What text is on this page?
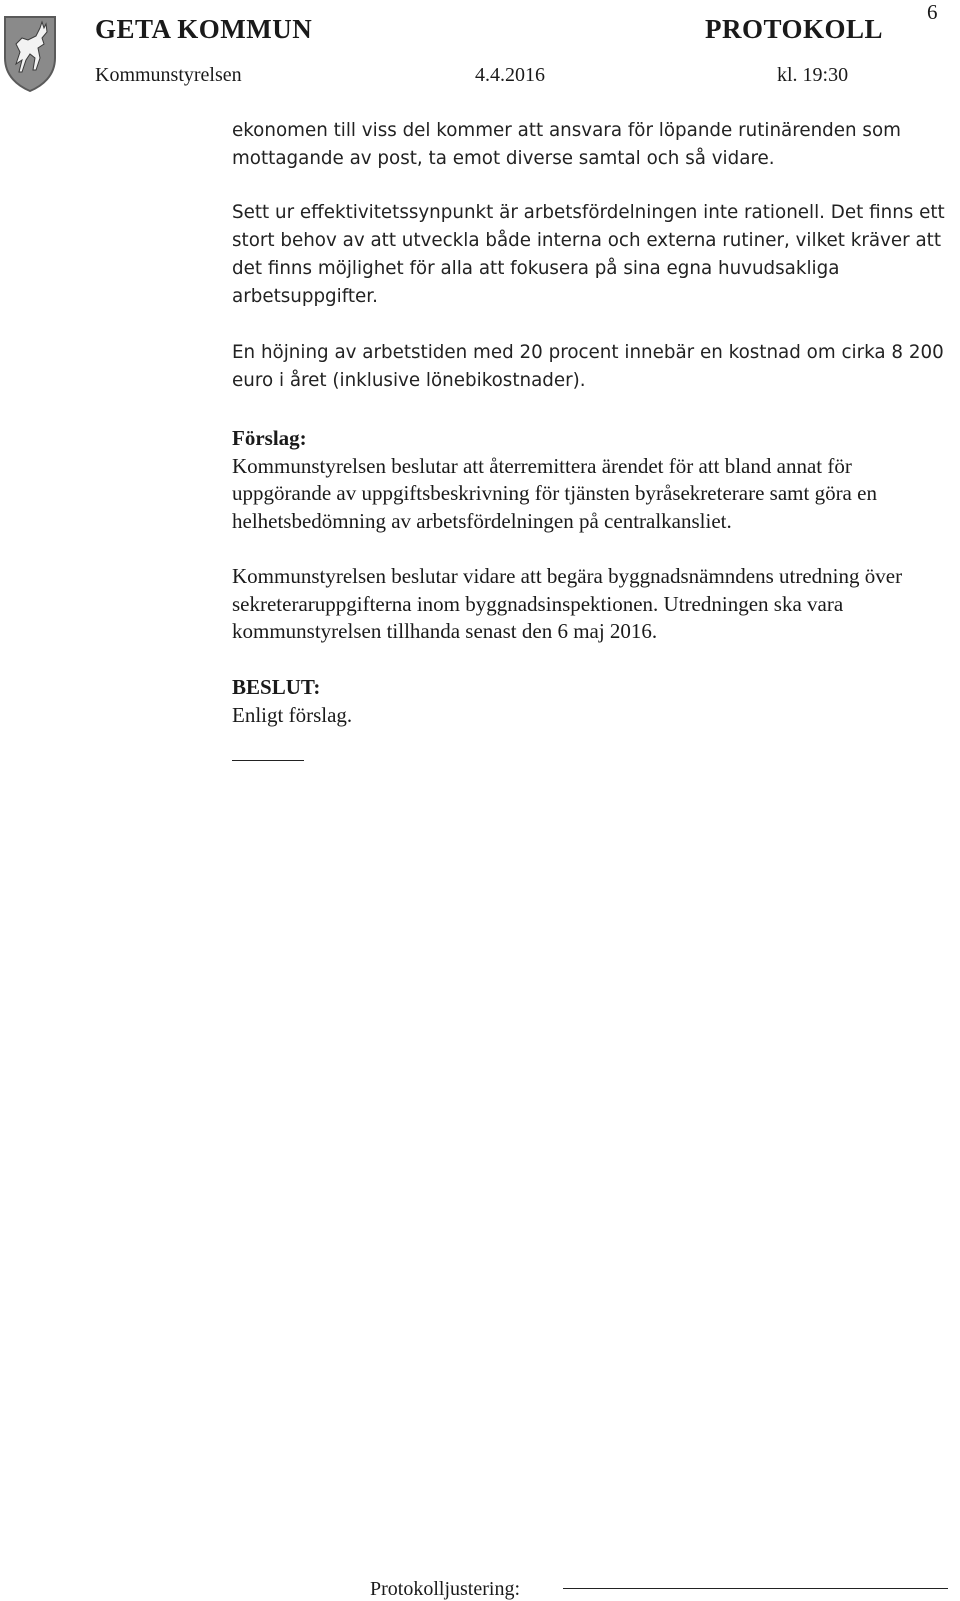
GETA KOMMUN	PROTOKOLL
6
Kommunstyrelsen	4.4.2016	kl. 19:30

ekonomen till viss del kommer att ansvara för löpande rutinärenden som mottagande av post, ta emot diverse samtal och så vidare.

Sett ur effektivitetssynpunkt är arbetsfördelningen inte rationell. Det finns ett stort behov av att utveckla både interna och externa rutiner, vilket kräver att det finns möjlighet för alla att fokusera på sina egna huvudsakliga arbetsuppgifter.

En höjning av arbetstiden med 20 procent innebär en kostnad om cirka 8 200 euro i året (inklusive lönebikostnader).

Förslag:

Kommunstyrelsen beslutar att återremittera ärendet för att bland annat för uppgörande av uppgiftsbeskrivning för tjänsten byråsekreterare samt göra en helhetsbedömning av arbetsfördelningen på centralkansliet.

Kommunstyrelsen beslutar vidare att begära byggnadsnämndens utredning över sekreteraruppgifterna inom byggnadsinspektionen. Utredningen ska vara kommunstyrelsen tillhanda senast den 6 maj 2016.

BESLUT:

Enligt förslag.

Protokolljustering:
